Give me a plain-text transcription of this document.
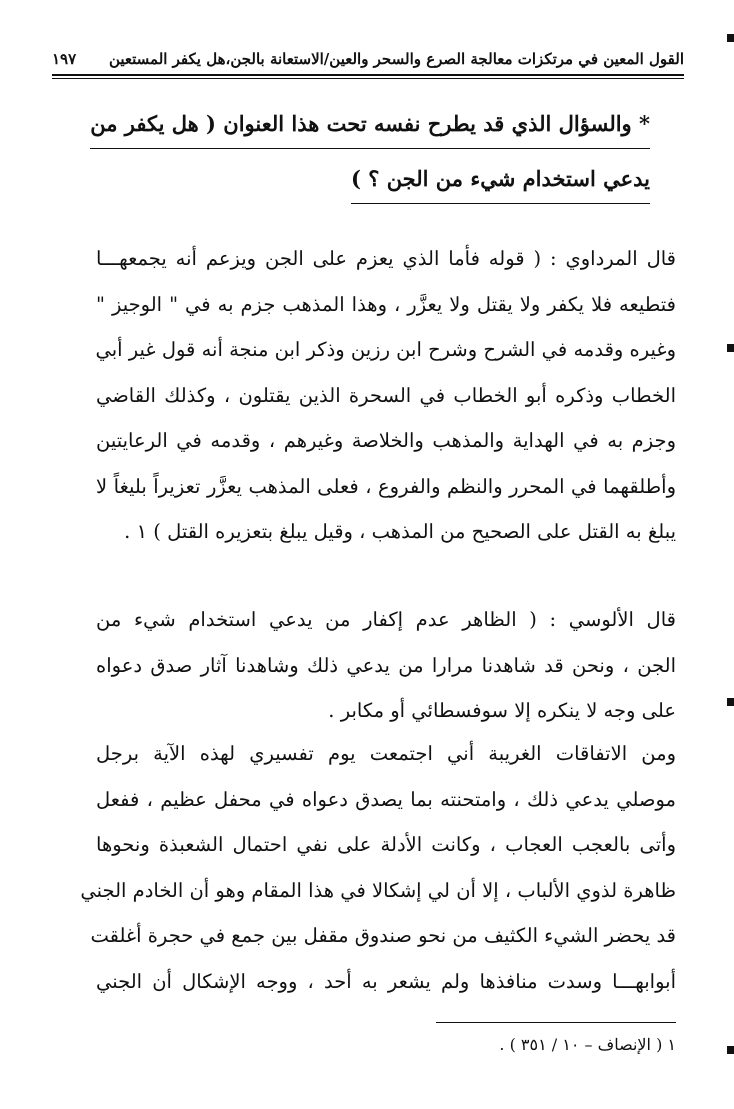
القول المعين في مرتكزات معالجة الصرع والسحر والعين/الاستعانة بالجن،هل يكفر المستعين
١٩٧
* والسؤال الذي قد يطرح نفسه تحت هذا العنوان ( هل يكفر من
يدعي استخدام شيء من الجن ؟ )
قال المرداوي : ( قوله فأما الذي يعزم على الجن ويزعم أنه يجمعهـــا
فتطيعه فلا يكفر ولا يقتل ولا يعزَّر ، وهذا المذهب جزم به في " الوجيز "
وغيره وقدمه في الشرح وشرح ابن رزين وذكر ابن منجة أنه قول غير أبي
الخطاب وذكره أبو الخطاب في السحرة الذين يقتلون ، وكذلك القاضي
وجزم به في الهداية والمذهب والخلاصة وغيرهم ، وقدمه في الرعايتين
وأطلقهما في المحرر والنظم والفروع ، فعلى المذهب يعزَّر تعزيراً بليغاً لا
يبلغ به القتل على الصحيح من المذهب ، وقيل يبلغ بتعزيره القتل ) ١ .
قال الألوسي : ( الظاهر عدم إكفار من يدعي استخدام شيء من
الجن ، ونحن قد شاهدنا مرارا من يدعي ذلك وشاهدنا آثار صدق دعواه
على وجه لا ينكره إلا سوفسطائي أو مكابر .
ومن الاتفاقات الغريبة أني اجتمعت يوم تفسيري لهذه الآية برجل
موصلي يدعي ذلك ، وامتحنته بما يصدق دعواه في محفل عظيم ، ففعل
وأتى بالعجب العجاب ، وكانت الأدلة على نفي احتمال الشعبذة ونحوها
ظاهرة لذوي الألباب ، إلا أن لي إشكالا في هذا المقام وهو أن الخادم الجني
قد يحضر الشيء الكثيف من نحو صندوق مقفل بين جمع في حجرة أغلقت
أبوابهـــا وسدت منافذها ولم يشعر به أحد ، ووجه الإشكال أن الجني
١ ( الإنصاف – ١٠ / ٣٥١ ) .
